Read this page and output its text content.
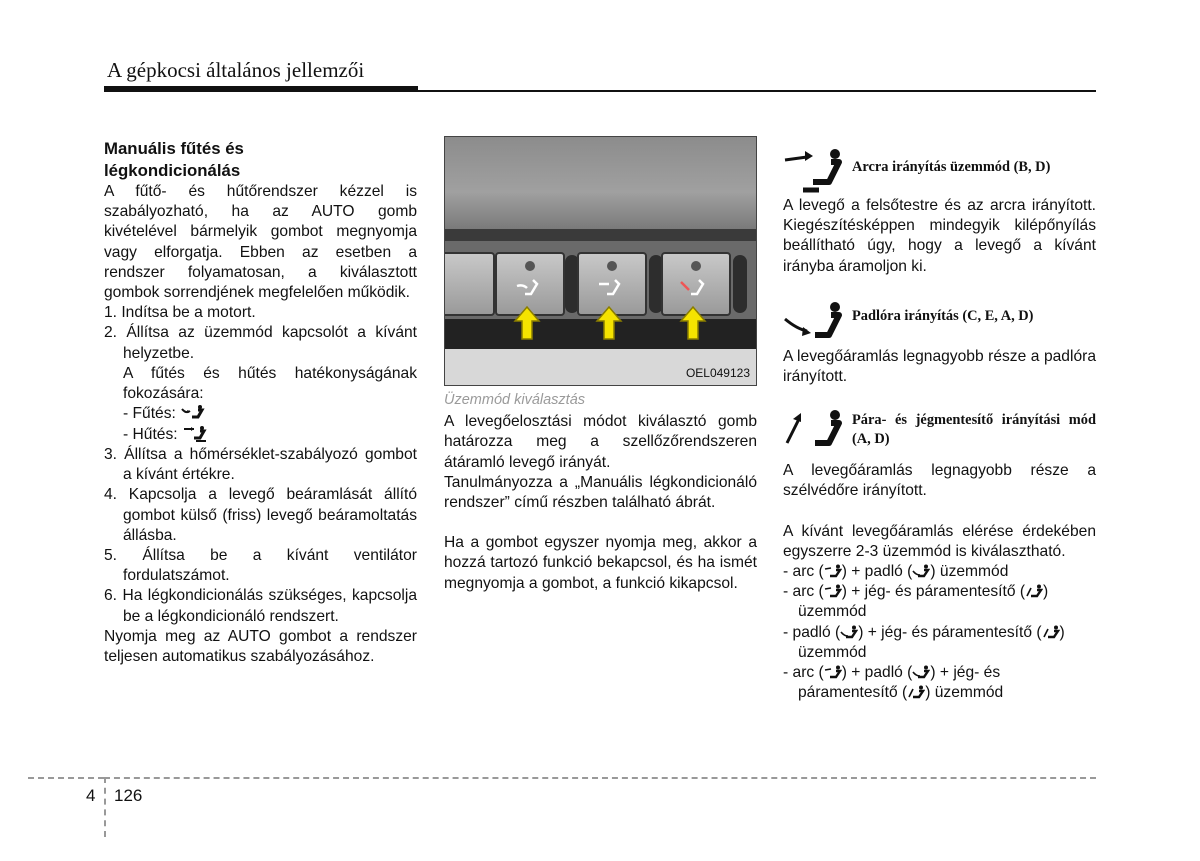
A gépkocsi általános jellemzői
Manuális fűtés és
légkondicionálás

A fűtő- és hűtőrendszer kézzel is szabályozható, ha az AUTO gomb kivételével bármelyik gombot megnyomja vagy elforgatja. Ebben az esetben a rendszer folyamatosan, a kiválasztott gombok sorrendjének megfelelően működik.

1. Indítsa be a motort.

2. Állítsa az üzemmód kapcsolót a kívánt helyzetbe.

A fűtés és hűtés hatékonyságának fokozására:

- Fűtés:

- Hűtés:

3. Állítsa a hőmérséklet-szabályozó gombot a kívánt értékre.

4. Kapcsolja a levegő beáramlását állító gombot külső (friss) levegő beáramoltatás állásba.

5. Állítsa be a kívánt ventilátor fordulatszámot.

6. Ha légkondicionálás szükséges, kapcsolja be a légkondicionáló rendszert.

Nyomja meg az AUTO gombot a rendszer teljesen automatikus szabályozásához.

OEL049123

Üzemmód kiválasztás

A levegőelosztási módot kiválasztó gomb határozza meg a szellőzőrendszeren átáramló levegő irányát.

Tanulmányozza a „Manuális légkondicionáló rendszer” című részben található ábrát.

Ha a gombot egyszer nyomja meg, akkor a hozzá tartozó funkció bekapcsol, és ha ismét megnyomja a gombot, a funkció kikapcsol.

Arcra irányítás üzemmód (B, D)

A levegő a felsőtestre és az arcra irányított. Kiegészítésképpen mindegyik kilépőnyílás beállítható úgy, hogy a levegő a kívánt irányba áramoljon ki.

Padlóra irányítás (C, E, A, D)

A levegőáramlás legnagyobb része a padlóra irányított.

Pára- és jégmentesítő irányítási mód (A, D)

A levegőáramlás legnagyobb része a szélvédőre irányított.

A kívánt levegőáramlás elérése érdekében egyszerre 2-3 üzemmód is kiválasztható.

- arc ( ) + padló ( ) üzemmód

- arc ( ) + jég- és páramentesítő ( ) üzemmód

- padló ( ) + jég- és páramentesítő ( ) üzemmód

- arc ( ) + padló ( ) + jég- és páramentesítő ( ) üzemmód

4 126
